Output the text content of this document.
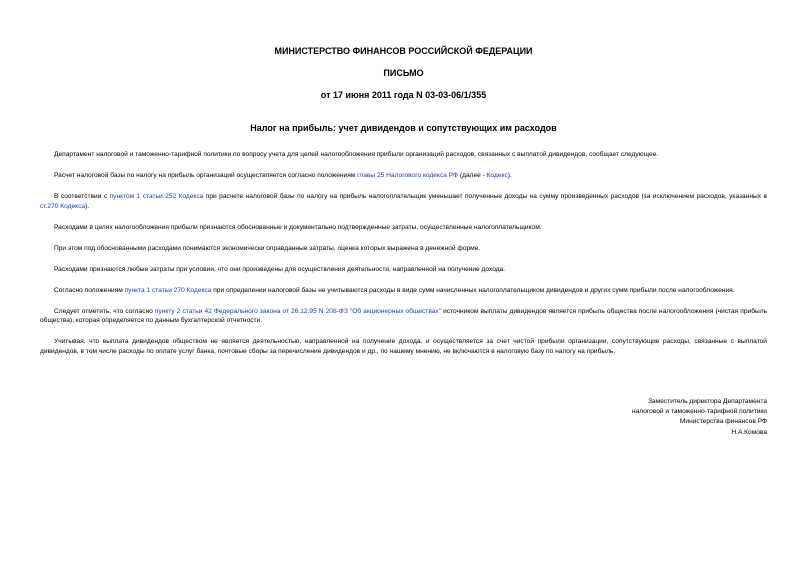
МИНИСТЕРСТВО ФИНАНСОВ РОССИЙСКОЙ ФЕДЕРАЦИИ
ПИСЬМО
от 17 июня 2011 года N 03-03-06/1/355
Налог на прибыль: учет дивидендов и сопутствующих им расходов

Департамент налоговой и таможенно-тарифной политики по вопросу учета для целей налогообложения прибыли организаций расходов, связанных с выплатой дивидендов, сообщает следующее.

Расчет налоговой базы по налогу на прибыль организаций осуществляется согласно положениям главы 25 Налогового кодекса РФ (далее - Кодекс).

В соответствии с пунктом 1 статьи 252 Кодекса при расчете налоговой базы по налогу на прибыль налогоплательщик уменьшает полученные доходы на сумму произведенных расходов (за исключением расходов, указанных в ст.270 Кодекса).

Расходами в целях налогообложения прибыли признаются обоснованные и документально подтвержденные затраты, осуществленные налогоплательщиком.

При этом под обоснованными расходами понимаются экономически оправданные затраты, оценка которых выражена в денежной форме.

Расходами признаются любые затраты при условии, что они произведены для осуществления деятельности, направленной на получение дохода.

Согласно положениям пункта 1 статьи 270 Кодекса при определении налоговой базы не учитываются расходы в виде сумм начисленных налогоплательщиком дивидендов и других сумм прибыли после налогообложения.

Следует отметить, что согласно пункту 2 статьи 42 Федерального закона от 26.12.95 N 208-ФЗ "Об акционерных обществах" источником выплаты дивидендов является прибыль общества после налогообложения (чистая прибыль общества), которая определяется по данным бухгалтерской отчетности.

Учитывая, что выплата дивидендов обществом не является деятельностью, направленной на получение дохода, и осуществляется за счет чистой прибыли организации, сопутствующие расходы, связанные с выплатой дивидендов, в том числе расходы по оплате услуг банка, почтовые сборы за перечисление дивидендов и др., по нашему мнению, не включаются в налоговую базу по налогу на прибыль.

Заместитель директора Департамента
налоговой и таможенно-тарифной политики
Министерства финансов РФ
Н.А.Комова
